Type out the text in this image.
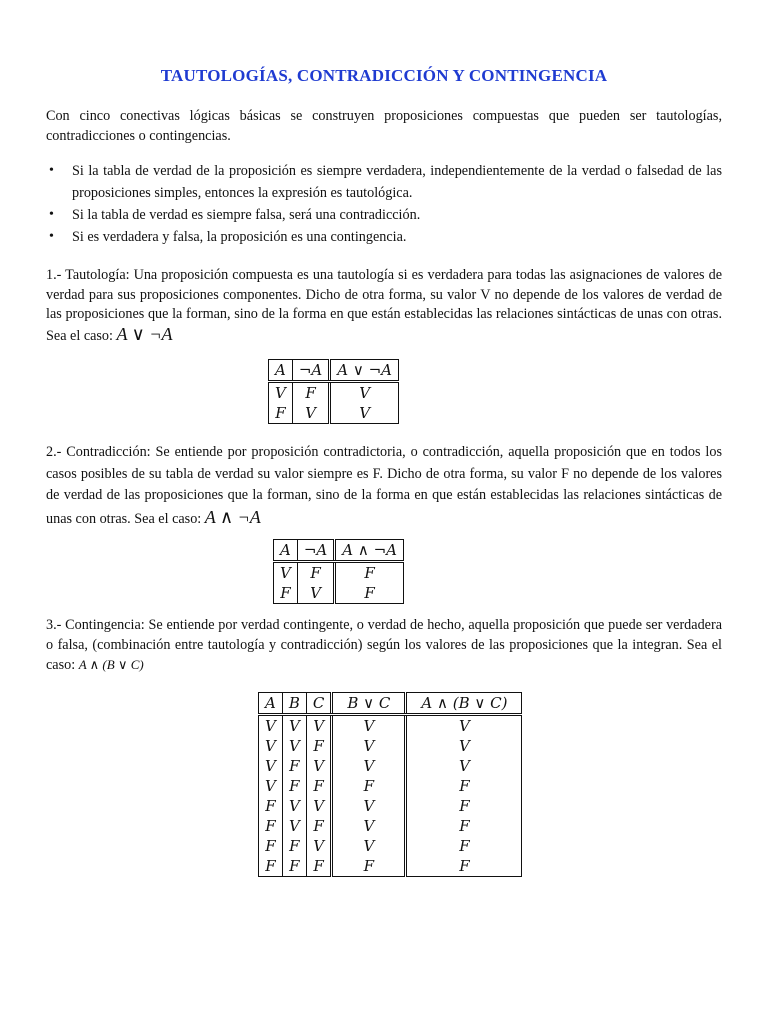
TAUTOLOGÍAS, CONTRADICCIÓN Y CONTINGENCIA
Con cinco conectivas lógicas básicas se construyen proposiciones compuestas que pueden ser tautologías, contradicciones o contingencias.
• Si la tabla de verdad de la proposición es siempre verdadera, independientemente de la verdad o falsedad de las proposiciones simples, entonces la expresión es tautológica.
• Si la tabla de verdad es siempre falsa, será una contradicción.
• Si es verdadera y falsa, la proposición es una contingencia.
1.- Tautología: Una proposición compuesta es una tautología si es verdadera para todas las asignaciones de valores de verdad para sus proposiciones componentes. Dicho de otra forma, su valor V no depende de los valores de verdad de las proposiciones que la forman, sino de la forma en que están establecidas las relaciones sintácticas de unas con otras. Sea el caso: A ∨ ¬A
A	¬A	A ∨ ¬A
V	F	V
F	V	V
2.- Contradicción: Se entiende por proposición contradictoria, o contradicción, aquella proposición que en todos los casos posibles de su tabla de verdad su valor siempre es F. Dicho de otra forma, su valor F no depende de los valores de verdad de las proposiciones que la forman, sino de la forma en que están establecidas las relaciones sintácticas de unas con otras. Sea el caso: A ∧ ¬A
A	¬A	A ∧ ¬A
V	F	F
F	V	F
3.- Contingencia: Se entiende por verdad contingente, o verdad de hecho, aquella proposición que puede ser verdadera o falsa, (combinación entre tautología y contradicción) según los valores de las proposiciones que la integran. Sea el caso: A ∧ (B ∨ C)
A	B	C	B ∨ C	A ∧ (B ∨ C)
V	V	V	V	V
V	V	F	V	V
V	F	V	V	V
V	F	F	F	F
F	V	V	V	F
F	V	F	V	F
F	F	V	V	F
F	F	F	F	F
